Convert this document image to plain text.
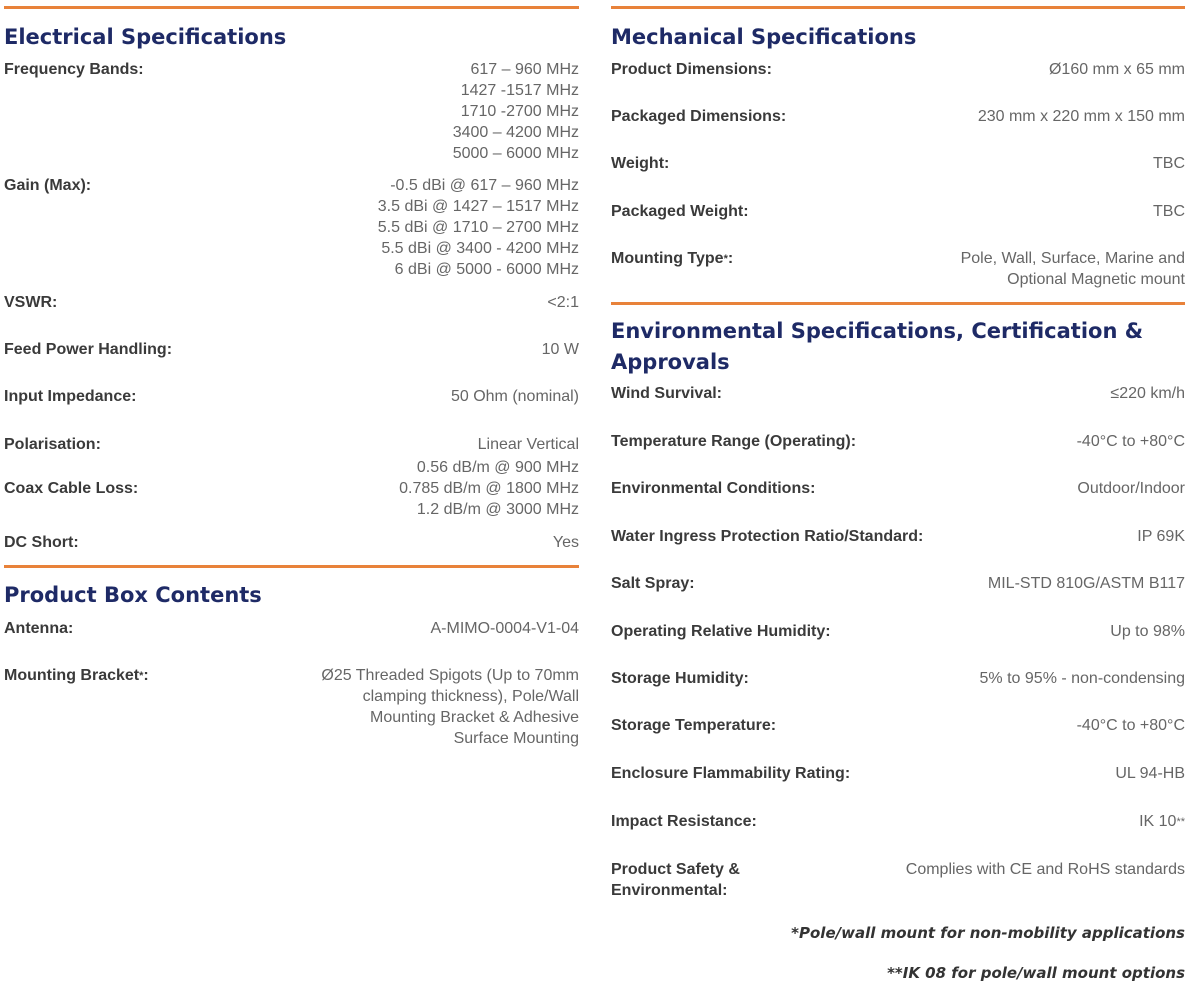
Electrical Specifications
Frequency Bands:	617 – 960 MHz
1427 -1517 MHz
1710 -2700 MHz
3400 – 4200 MHz
5000 – 6000 MHz
Gain (Max):	-0.5 dBi @ 617 – 960 MHz
3.5 dBi @ 1427 – 1517 MHz
5.5 dBi @ 1710 – 2700 MHz
5.5 dBi @ 3400 - 4200 MHz
6 dBi @ 5000 - 6000 MHz
VSWR:	<2:1
Feed Power Handling:	10 W
Input Impedance:	50 Ohm (nominal)
Polarisation:	Linear Vertical
Coax Cable Loss:
0.56 dB/m @ 900 MHz
0.785 dB/m @ 1800 MHz
1.2 dB/m @ 3000 MHz
DC Short:	Yes
Product Box Contents
Antenna:	A-MIMO-0004-V1-04
Mounting Bracket*:	Ø25 Threaded Spigots (Up to 70mm
clamping thickness), Pole/Wall
Mounting Bracket & Adhesive
Surface Mounting
Mechanical Specifications
Product Dimensions:	Ø160 mm x 65 mm
Packaged Dimensions:	230 mm x 220 mm x 150 mm
Weight:	TBC
Packaged Weight:	TBC
Mounting Type*:	Pole, Wall, Surface, Marine and
Optional Magnetic mount
Environmental Specifications, Certification &
Approvals
Wind Survival:	≤220 km/h
Temperature Range (Operating):	-40°C to +80°C
Environmental Conditions:	Outdoor/Indoor
Water Ingress Protection Ratio/Standard:	IP 69K
Salt Spray:	MIL-STD 810G/ASTM B117
Operating Relative Humidity:	Up to 98%
Storage Humidity:	5% to 95% - non-condensing
Storage Temperature:	-40°C to +80°C
Enclosure Flammability Rating:	UL 94-HB
Impact Resistance:	IK 10**
Product Safety &
Environmental:
Complies with CE and RoHS standards
*Pole/wall mount for non-mobility applications
**IK 08 for pole/wall mount options
